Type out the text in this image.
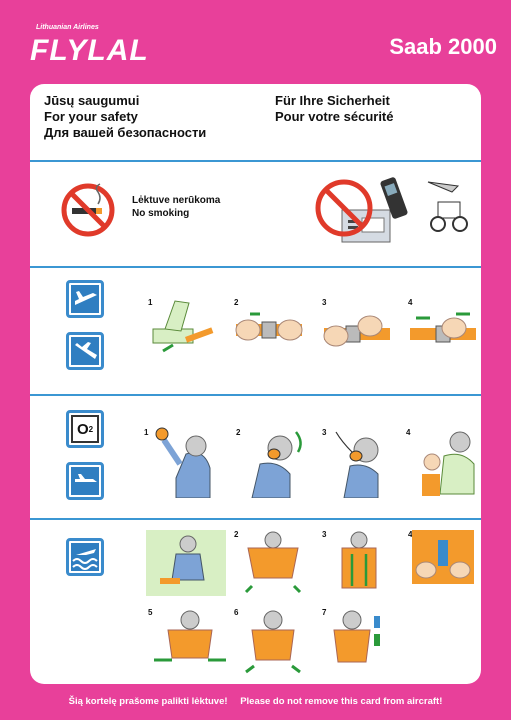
Lithuanian Airlines
FLYLAL	Saab 2000
Jūsų saugumui
For your safety
Для вашей безопасности
Für Ihre Sicherheit
Pour votre sécurité
Lėktuve nerūkoma
No smoking
1	2	3	4
O 2	1	2	3	4
2	3	4
5	6	7
Šią kortelę prašome palikti lėktuve! Please do not remove this card from aircraft!
